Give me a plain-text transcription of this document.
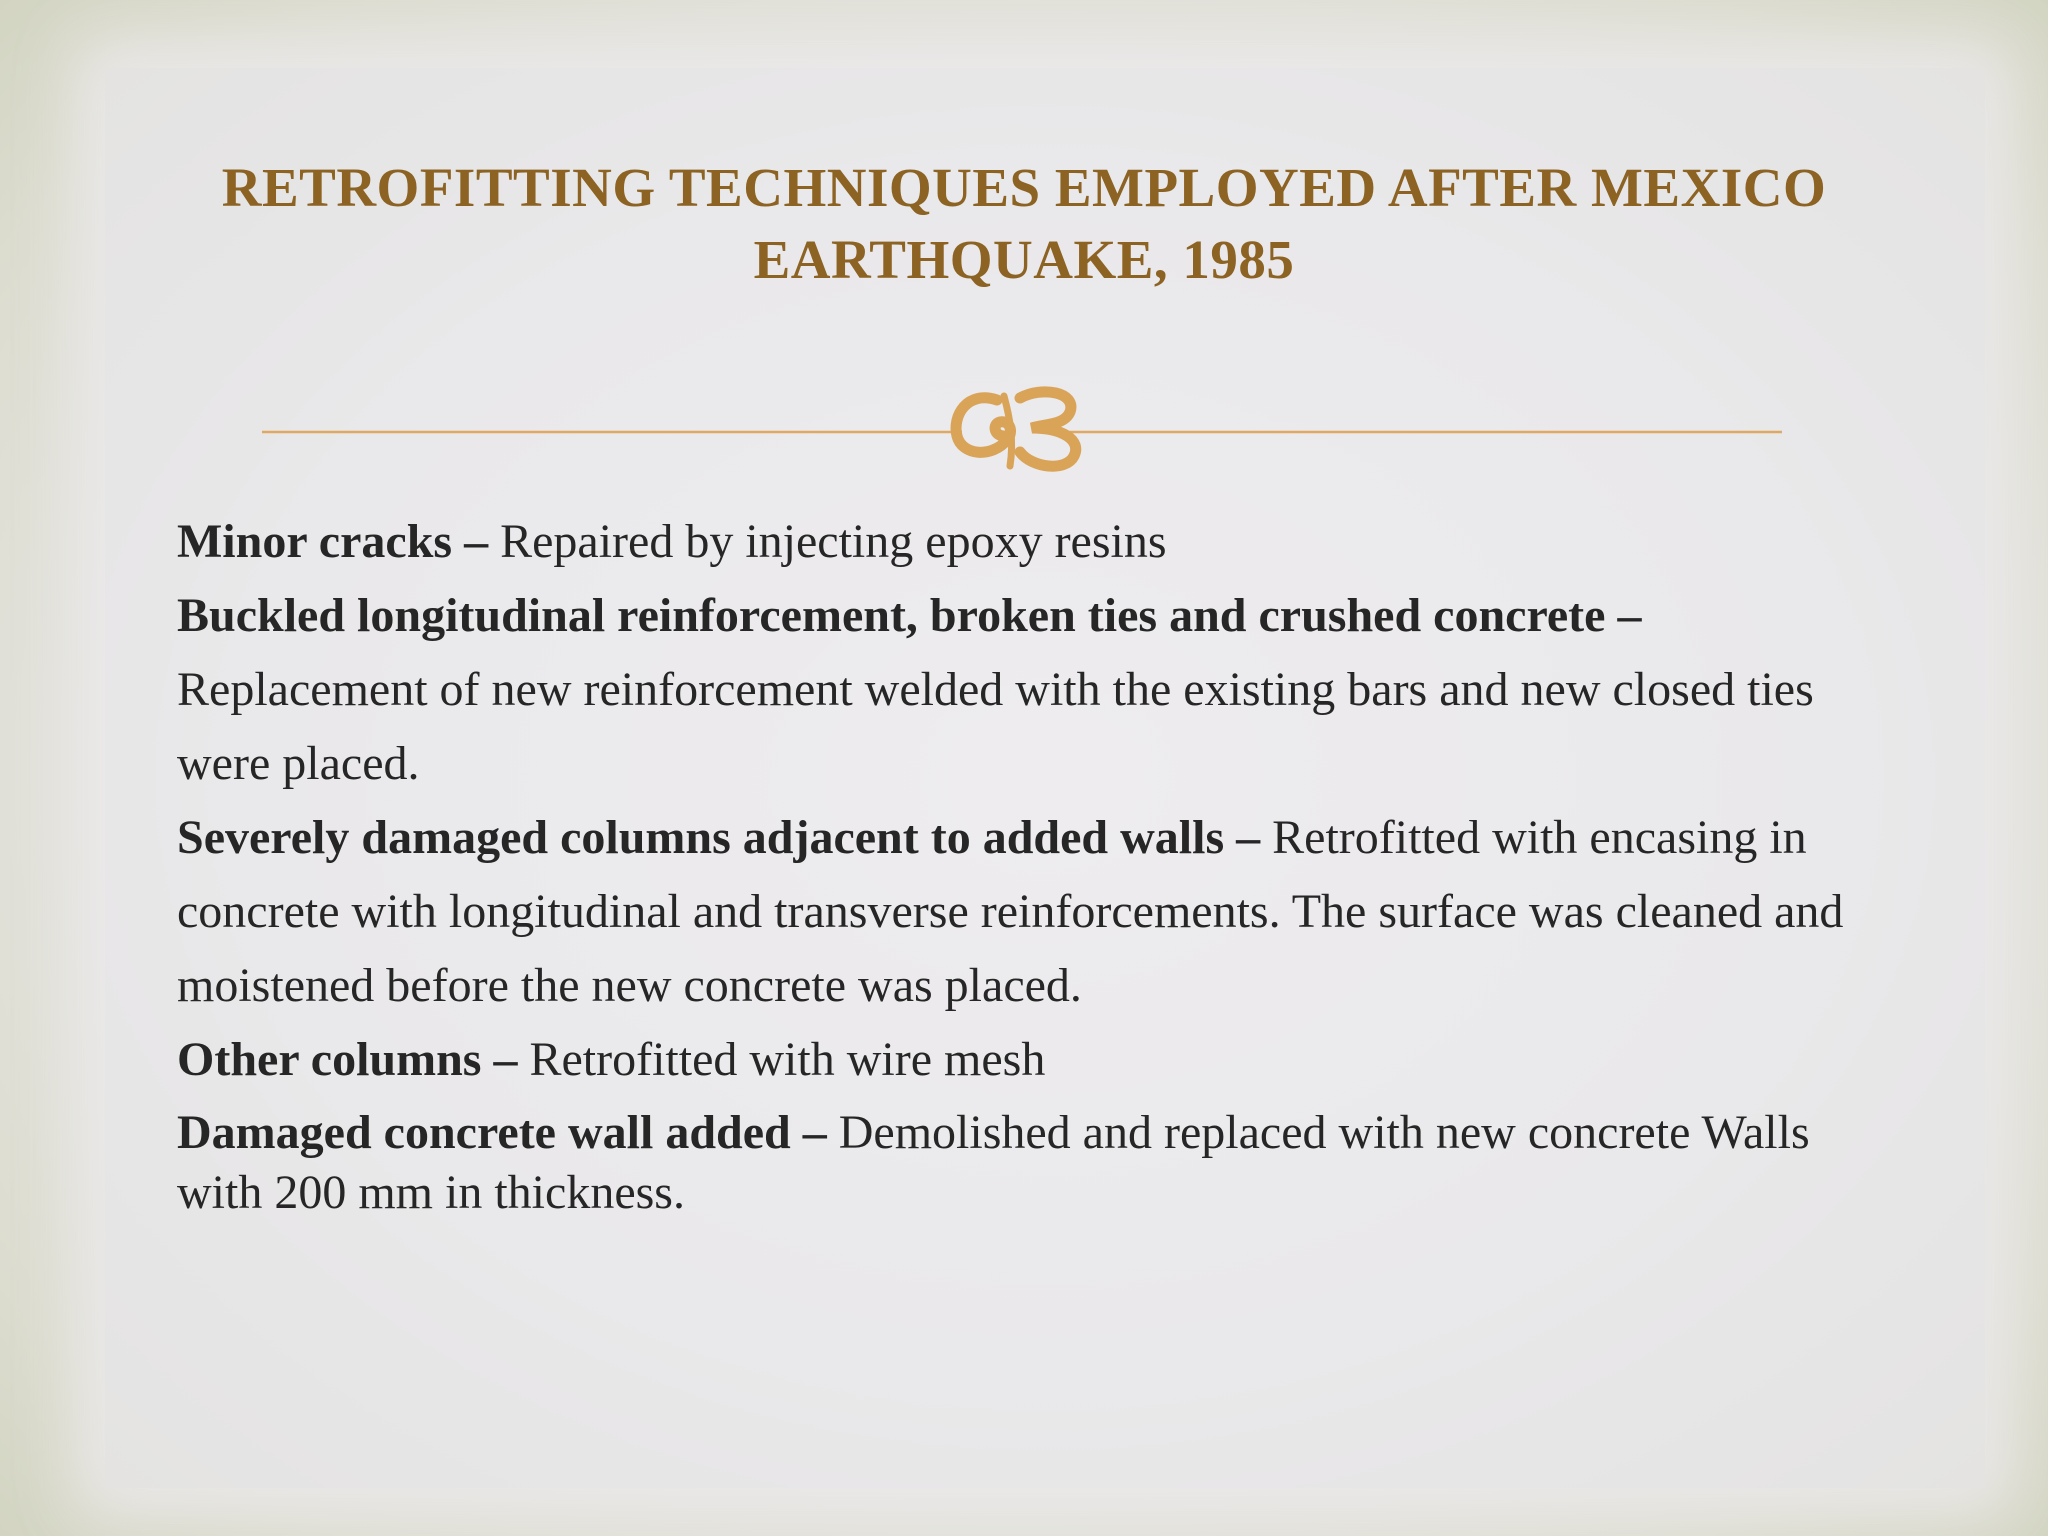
RETROFITTING TECHNIQUES EMPLOYED AFTER MEXICO EARTHQUAKE, 1985

Minor cracks – Repaired by injecting epoxy resins

Buckled longitudinal reinforcement, broken ties and crushed concrete – Replacement of new reinforcement welded with the existing bars and new closed ties were placed.

Severely damaged columns adjacent to added walls – Retrofitted with encasing in concrete with longitudinal and transverse reinforcements. The surface was cleaned and moistened before the new concrete was placed.

Other columns – Retrofitted with wire mesh

Damaged concrete wall added – Demolished and replaced with new concrete Walls with 200 mm in thickness.
